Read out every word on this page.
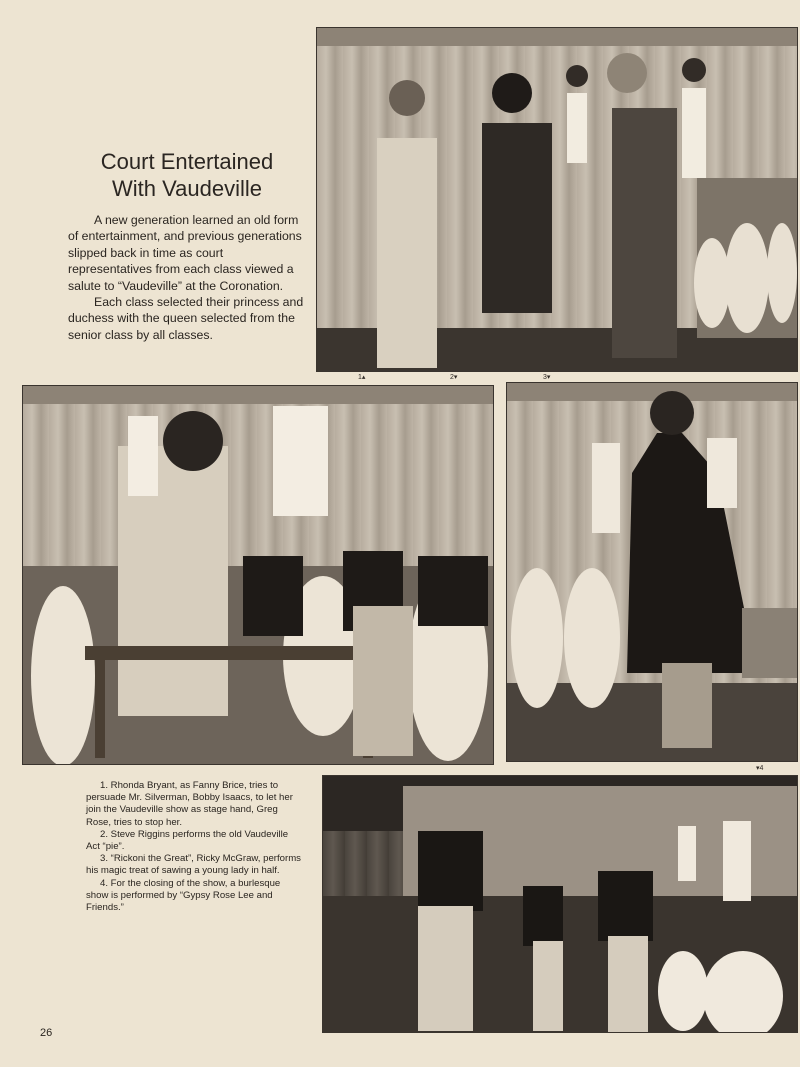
Court Entertained
With Vaudeville

A new generation learned an old form of entertainment, and previous generations slipped back in time as court representatives from each class viewed a salute to “Vaudeville” at the Coronation.

Each class selected their princess and duchess with the queen selected from the senior class by all classes.

1▴	2▾	3▾
▾4

1. Rhonda Bryant, as Fanny Brice, tries to persuade Mr. Silverman, Bobby Isaacs, to let her join the Vaudeville show as stage hand, Greg Rose, tries to stop her.

2. Steve Riggins performs the old Vaudeville Act “pie”.

3. “Rickoni the Great”, Ricky McGraw, performs his magic treat of sawing a young lady in half.

4. For the closing of the show, a burlesque show is performed by “Gypsy Rose Lee and Friends.”

26
